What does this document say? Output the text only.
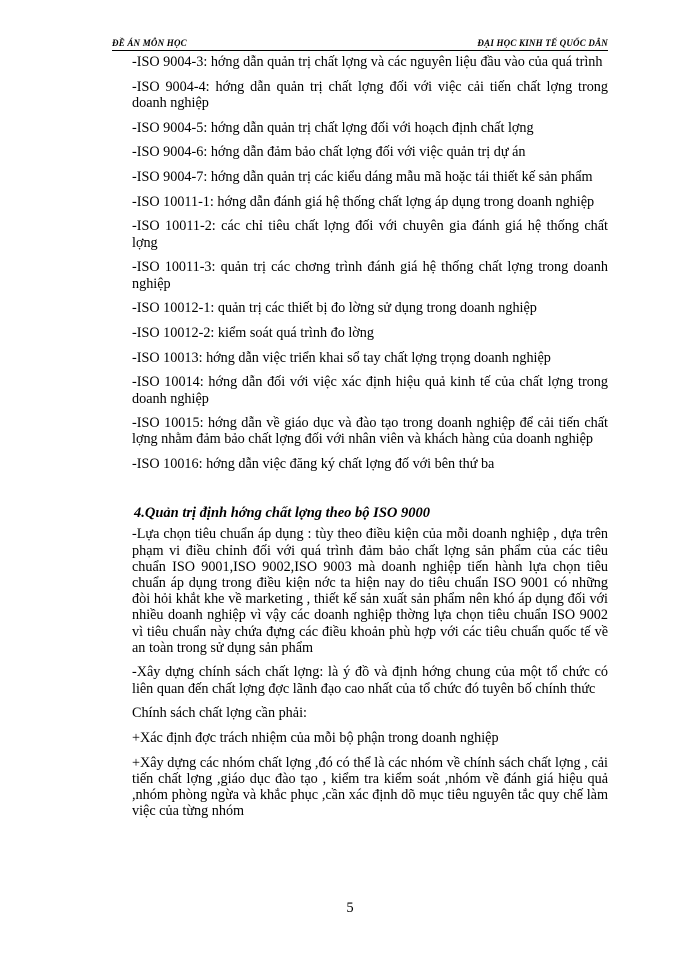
ĐỀ ÁN MÔN HỌC	ĐẠI HỌC KINH TẾ QUỐC DÂN

-ISO 9004-3: hớng dẫn quản trị chất lợng và các nguyên liệu đầu vào của quá trình

-ISO 9004-4: hớng dẫn quản trị chất lợng đối với việc cải tiến chất lợng trong doanh nghiệp

-ISO 9004-5: hớng dẫn quản trị chất lợng đối với hoạch định chất lợng

-ISO 9004-6: hớng dẫn đảm bảo chất lợng đối với việc quản trị dự án

-ISO 9004-7: hớng dẫn quản trị các kiểu dáng mẫu mã hoặc tái thiết kế sản phẩm

-ISO 10011-1: hớng dẫn đánh giá hệ thống chất lợng áp dụng trong doanh nghiệp

-ISO 10011-2: các chỉ tiêu chất lợng đối với chuyên gia đánh giá hệ thống chất lợng

-ISO 10011-3: quản trị các chơng trình đánh giá hệ thống chất lợng trong doanh nghiệp

-ISO 10012-1: quản trị các thiết bị đo lờng sử dụng trong doanh nghiệp

-ISO 10012-2: kiểm soát quá trình đo lờng

-ISO 10013: hớng dẫn việc triển khai sổ tay chất lợng trọng doanh nghiệp

-ISO 10014: hớng dẫn đối với việc xác định hiệu quả kinh tế của chất lợng trong doanh nghiệp

-ISO 10015: hớng dẫn về giáo dục và đào tạo trong doanh nghiệp để cải tiến chất lợng nhằm đảm bảo chất lợng đối với nhân viên và khách hàng của doanh nghiệp

-ISO 10016: hớng dẫn việc đăng ký chất lợng đố với bên thứ ba

4.Quản trị định hớng chất lợng theo bộ ISO 9000

-Lựa chọn tiêu chuẩn áp dụng : tùy theo điều kiện của mỗi doanh nghiệp , dựa trên phạm vi điều chỉnh đối với quá trình đảm bảo chất lợng sản phẩm của các tiêu chuẩn ISO 9001,ISO 9002,ISO 9003 mà doanh nghiệp tiến hành lựa chọn tiêu chuẩn áp dụng trong điều kiện nớc ta hiện nay do tiêu chuẩn ISO 9001 có những đòi hỏi khắt khe về marketing , thiết kế sản xuất sản phẩm nên khó áp dụng đối với nhiều doanh nghiệp vì vậy các doanh nghiệp thờng lựa chọn tiêu chuẩn ISO 9002 vì tiêu chuẩn này chứa đựng các điều khoản phù hợp với các tiêu chuẩn quốc tế về an toàn trong sử dụng sản phẩm

-Xây dựng chính sách chất lợng: là ý đồ và định hớng chung của một tổ chức có liên quan đến chất lợng đợc lãnh đạo cao nhất của tổ chức đó tuyên bố chính thức

Chính sách chất lợng cần phải:

+Xác định đợc trách nhiệm của mỗi bộ phận trong doanh nghiệp

+Xây dựng các nhóm chất lợng ,đó có thể là các nhóm về chính sách chất lợng , cải tiến chất lợng ,giáo dục đào tạo , kiểm tra kiểm soát ,nhóm về đánh giá hiệu quả ,nhóm phòng ngừa và khắc phục ,cần xác định dõ mục tiêu nguyên tắc quy chế làm việc của từng nhóm

5
